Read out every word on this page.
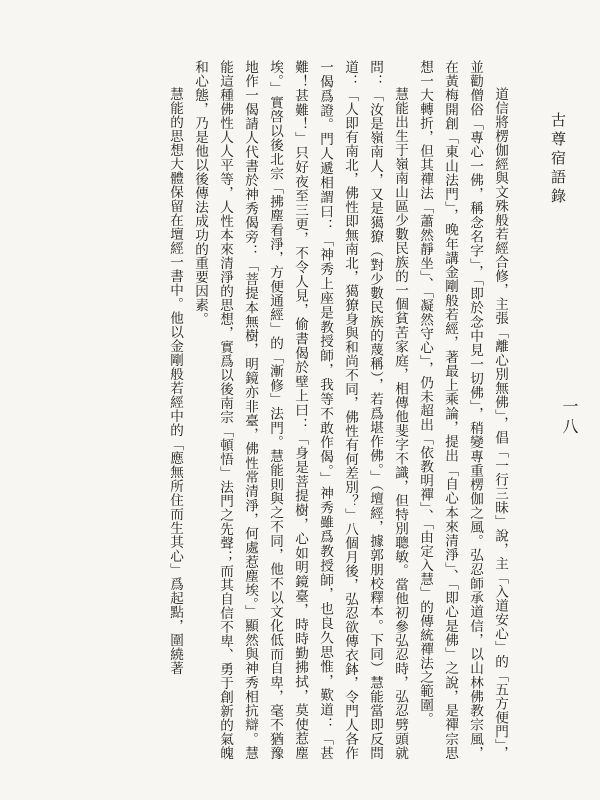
古尊宿語錄
一八

道信將楞伽經與文殊般若經合修，主張「離心別無佛」，倡「一行三昧」說，主「入道安心」的「五方便門」，並勸僧俗「專心一佛，稱念名字」，「即於念中見一切佛」，稍變專重楞伽之風。弘忍師承道信，以山林佛教宗風，在黃梅開創「東山法門」，晚年講金剛般若經，著最上乘論，提出「自心本來清淨」、「即心是佛」之說，是禪宗思想一大轉折，但其禪法「蕭然靜坐」、「凝然守心」，仍未超出「依教明禪」、「由定入慧」的傳統禪法之範圍。

慧能出生于嶺南山區少數民族的一個貧苦家庭，相傳他斐字不識，但特別聰敏。當他初參弘忍時，弘忍劈頭就問：「汝是嶺南人，又是獦獠（對少數民族的蔑稱），若爲堪作佛。」（壇經，據郭朋校釋本。下同）慧能當即反問道：「人即有南北，佛性即無南北，獦獠身與和尚不同，佛性有何差別？」八個月後，弘忍欲傳衣鉢，令門人各作一偈爲證。門人遞相謂曰：「神秀上座是教授師，我等不敢作偈。」神秀雖爲教授師，也良久思惟，歎道：「甚難！甚難！」只好夜至三更，不令人見，偷書偈於壁上曰：「身是菩提樹，心如明鏡臺，時時勤拂拭，莫使惹塵埃。」實啓以後北宗「拂塵看淨，方便通經」的「漸修」法門。慧能則與之不同，他不以文化低而自卑，毫不猶豫地作一偈請人代書於神秀偈旁：「菩提本無樹，明鏡亦非臺，佛性常清淨，何處惹塵埃。」顯然與神秀相抗辯。慧能這種佛性人人平等，人性本來清淨的思想，實爲以後南宗「頓悟」法門之先聲；而其自信不卑、勇于創新的氣魄和心態，乃是他以後傳法成功的重要因素。

慧能的思想大體保留在壇經一書中。他以金剛般若經中的「應無所住而生其心」爲起點，圍繞著
